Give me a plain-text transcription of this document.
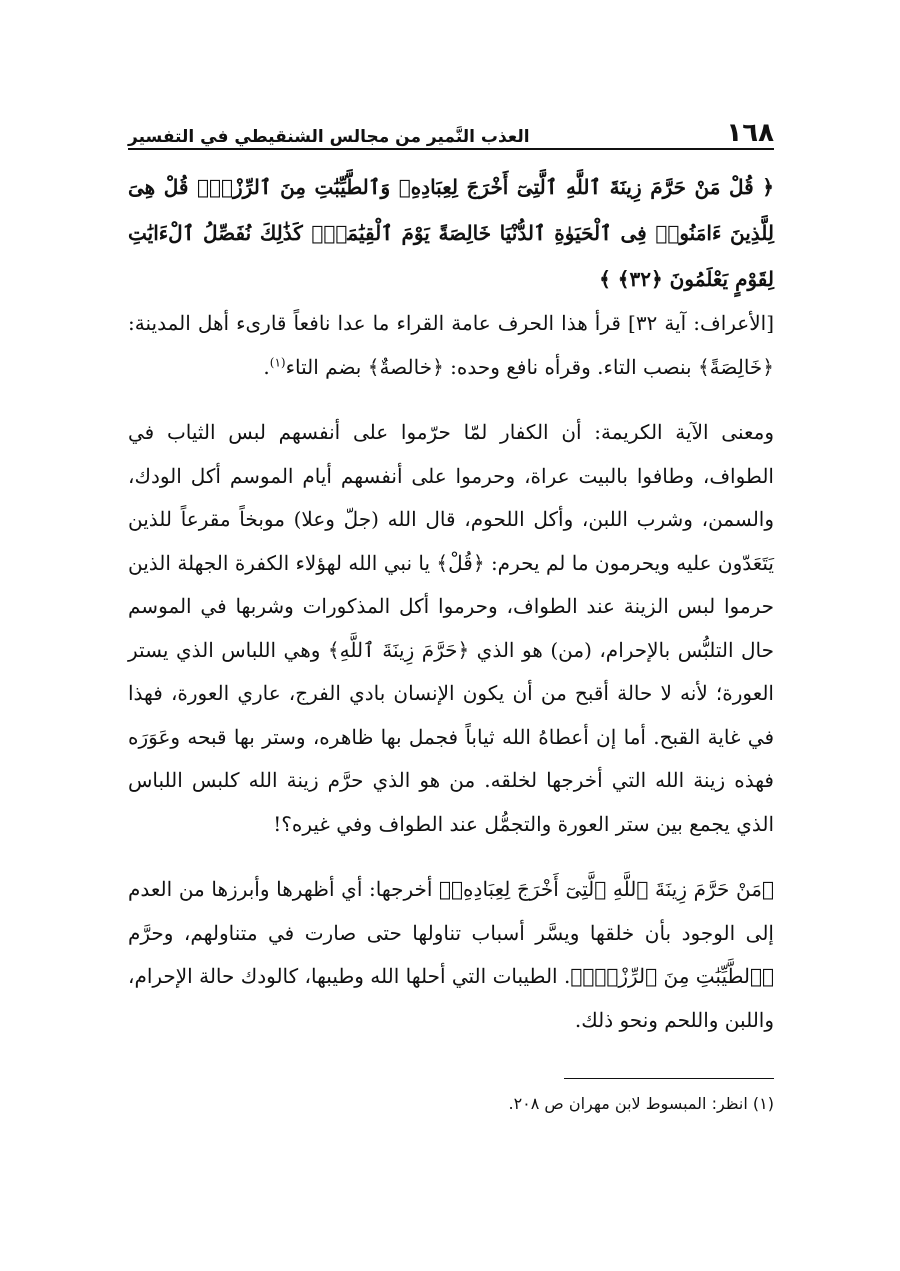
١٦٨
العذب النَّمير من مجالس الشنقيطي في التفسير
﴿ قُلْ مَنْ حَرَّمَ زِينَةَ ٱللَّهِ ٱلَّتِىٓ أَخْرَجَ لِعِبَادِهِۦ وَٱلطَّيِّبَٰتِ مِنَ ٱلرِّزْقِۚ قُلْ هِىَ لِلَّذِينَ ءَامَنُوا۟ فِى ٱلْحَيَوٰةِ ٱلدُّنْيَا خَالِصَةً يَوْمَ ٱلْقِيَٰمَةِۗ كَذَٰلِكَ نُفَصِّلُ ٱلْءَايَٰتِ لِقَوْمٍ يَعْلَمُونَ ﴿٣٢﴾ ﴾

[الأعراف: آية ٣٢] قرأ هذا الحرف عامة القراء ما عدا نافعاً قارىء أهل المدينة: ﴿خَالِصَةً﴾ بنصب التاء. وقرأه نافع وحده: ﴿خالصةٌ﴾ بضم التاء$^{(١)}$.

ومعنى الآية الكريمة: أن الكفار لمّا حرّموا على أنفسهم لبس الثياب في الطواف، وطافوا بالبيت عراة، وحرموا على أنفسهم أيام الموسم أكل الودك، والسمن، وشرب اللبن، وأكل اللحوم، قال الله (جلّ وعلا) موبخاً مقرعاً للذين يَتَعَدّون عليه ويحرمون ما لم يحرم: ﴿قُلْ﴾ يا نبي الله لهؤلاء الكفرة الجهلة الذين حرموا لبس الزينة عند الطواف، وحرموا أكل المذكورات وشربها في الموسم حال التلبُّس بالإحرام، (من) هو الذي ﴿حَرَّمَ زِينَةَ ٱللَّهِ﴾ وهي اللباس الذي يستر العورة؛ لأنه لا حالة أقبح من أن يكون الإنسان بادي الفرج، عاري العورة، فهذا في غاية القبح. أما إن أعطاهُ الله ثياباً فجمل بها ظاهره، وستر بها قبحه وعَوَرَه فهذه زينة الله التي أخرجها لخلقه. من هو الذي حرَّم زينة الله كلبس اللباس الذي يجمع بين ستر العورة والتجمُّل عند الطواف وفي غيره؟!

﴿مَنْ حَرَّمَ زِينَةَ ٱللَّهِ ٱلَّتِىٓ أَخْرَجَ لِعِبَادِهِۦ﴾ أخرجها: أي أظهرها وأبرزها من العدم إلى الوجود بأن خلقها ويسَّر أسباب تناولها حتى صارت في متناولهم، وحرَّم ﴿ٱلطَّيِّبَٰتِ مِنَ ٱلرِّزْقِۚ﴾. الطيبات التي أحلها الله وطيبها، كالودك حالة الإحرام، واللبن واللحم ونحو ذلك.

(١) انظر: المبسوط لابن مهران ص ٢٠٨.
